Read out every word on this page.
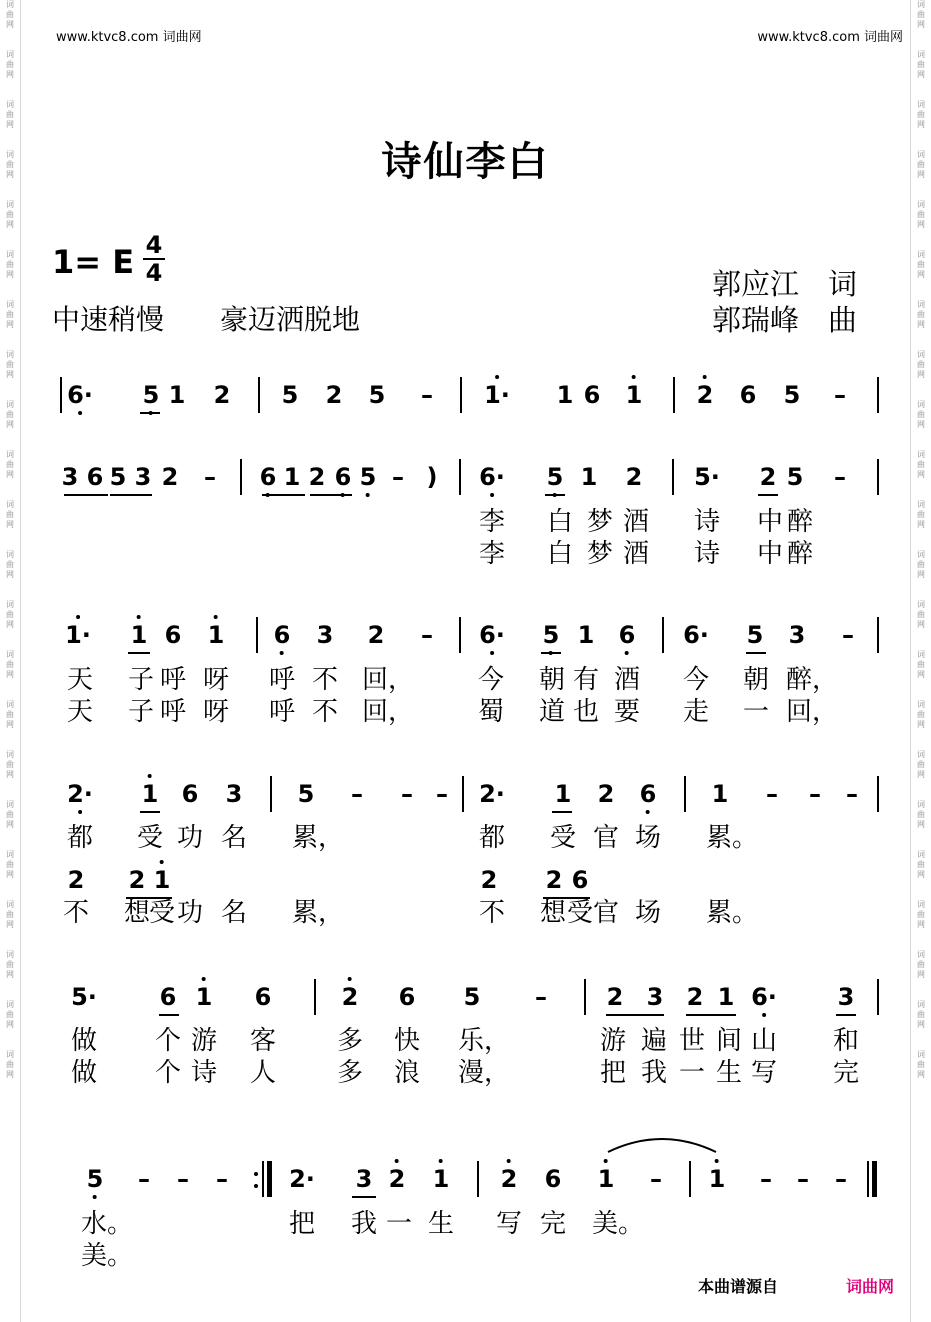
词
曲
网

词
曲
网

词
曲
网

词
曲
网

词
曲
网

词
曲
网

词
曲
网

词
曲
网

词
曲
网

词
曲
网

词
曲
网

词
曲
网

词
曲
网

词
曲
网

词
曲
网

词
曲
网

词
曲
网

词
曲
网

词
曲
网

词
曲
网

词
曲
网

词
曲
网

词
曲
网

词
曲
网

词
曲
网

词
曲
网

词
曲
网

词
曲
网

词
曲
网

词
曲
网

词
曲
网

词
曲
网

词
曲
网

词
曲
网

词
曲
网

词
曲
网

词
曲
网

词
曲
网

词
曲
网

词
曲
网

词
曲
网

词
曲
网

词
曲
网

词
曲
网

www.ktvc8.com 词曲网	www.ktvc8.com 词曲网
诗仙李白
1= E 4
4
中速稍慢　　豪迈洒脱地
郭应江　词
郭瑞峰　曲
6· 5 1 2 5 2 5 – 1· 1 6 1 2 6 5 –
3 6 5 3 2 – 6 1 2 6 5 – ) 6· 5 1 2 5· 2 5 –
李 白 梦 酒 诗 中 醉
李 白 梦 酒 诗 中 醉
1· 1 6 1 6 3 2 – 6· 5 1 6 6· 5 3 –
天 子 呼 呀 呼 不 回， 今 朝 有 酒 今 朝 醉，
天 子 呼 呀 呼 不 回， 蜀 道 也 要 走 一 回，
2· 1 6 3 5 – – – 2· 1 2 6 1 – – –
2 2 1	2 2 6
都 受 功 名 累，	都 受 官 场 累。
不 想
受 功 名 累，	不 想 受 官 场 累。
5·	6 1 6	2 6 5 – 2 3 2 1 6·	3
做 个 游 客 多 快 乐，	游 遍 世 间 山 和
做 个 诗 人 多 浪 漫，	把 我 一 生 写 完
5 – – –	2· 3 2 1 2 6 1 – 1 – – –
水。	把 我 一 生 写 完 美。
美。
本曲谱源自	词曲网
